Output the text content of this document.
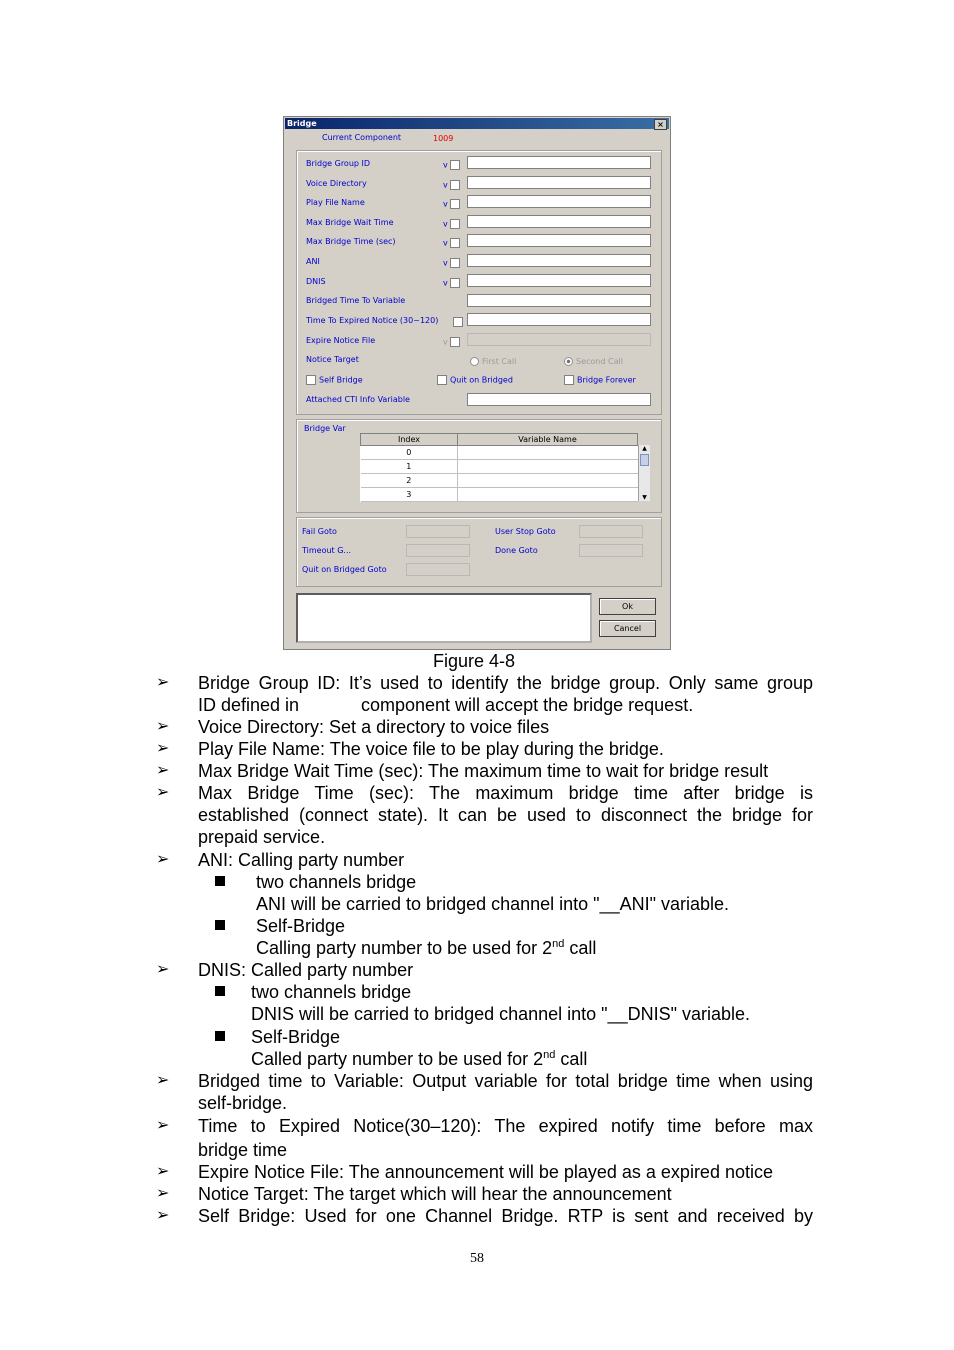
Bridge	×
Current Component	1009
Bridge Group ID	v
Voice Directory	v
Play File Name	v
Max Bridge Wait Time	v
Max Bridge Time (sec)	v
ANI	v
DNIS	v
Bridged Time To Variable
Time To Expired Notice (30~120)
Expire Notice File	v
Notice Target	First Call	Second Call
Self Bridge	Quit on Bridged	Bridge Forever
Attached CTI Info Variable
Bridge Var
Index	Variable Name
0	
1	
2	
3	
▲
▼
Fail Goto	User Stop Goto
Timeout G...	Done Goto
Quit on Bridged Goto
Ok
Cancel
Figure 4-8
➢ Bridge Group ID: It’s used to identify the bridge group. Only same group
ID defined in	component will accept the bridge request.
➢ Voice Directory: Set a directory to voice files
➢ Play File Name: The voice file to be play during the bridge.
➢ Max Bridge Wait Time (sec): The maximum time to wait for bridge result
➢ Max Bridge Time (sec): The maximum bridge time after bridge is
established (connect state). It can be used to disconnect the bridge for
prepaid service.
➢ ANI: Calling party number
two channels bridge
ANI will be carried to bridged channel into "__ANI" variable.
Self-Bridge
Calling party number to be used for 2nd call
➢ DNIS: Called party number
two channels bridge
DNIS will be carried to bridged channel into "__DNIS" variable.
Self-Bridge
Called party number to be used for 2nd call
➢ Bridged time to Variable: Output variable for total bridge time when using
self-bridge.
➢ Time to Expired Notice(30–120): The expired notify time before max
bridge time
➢ Expire Notice File: The announcement will be played as a expired notice
➢ Notice Target: The target which will hear the announcement
➢ Self Bridge: Used for one Channel Bridge. RTP is sent and received by
58
